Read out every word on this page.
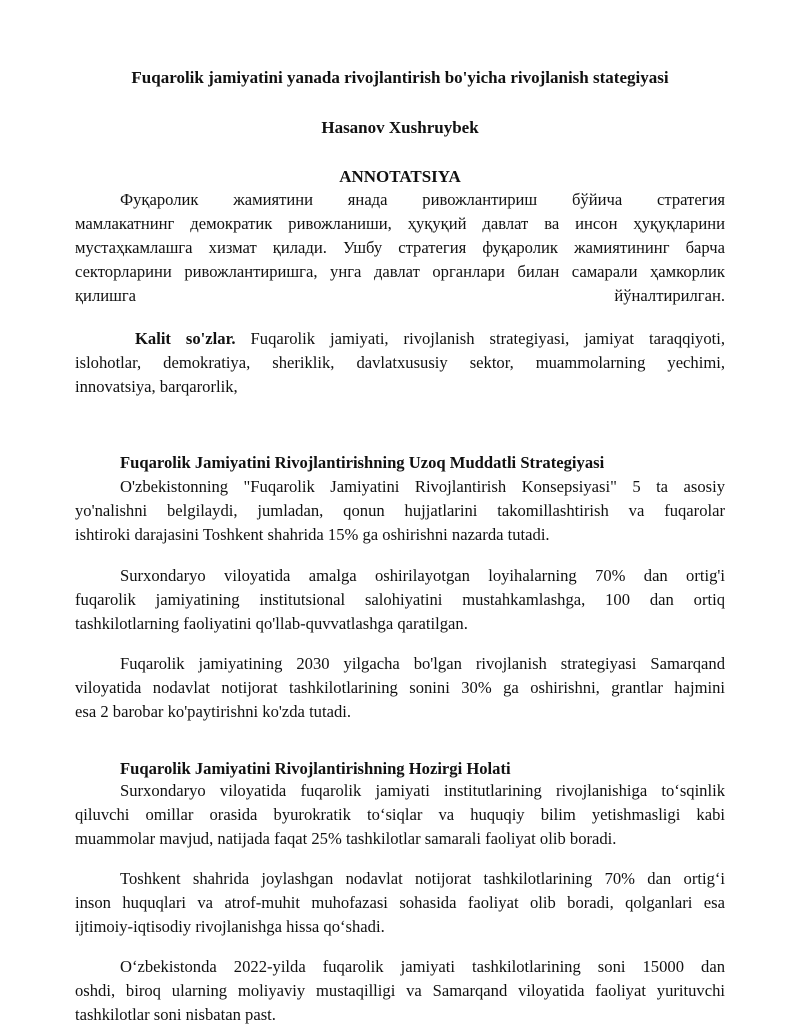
Fuqarolik jamiyatini yanada rivojlantirish bo'yicha rivojlanish stategiyasi
Hasanov Xushruybek
ANNOTATSIYA
Фуқаролик жамиятини янада ривожлантириш бўйича стратегия
мамлакатнинг демократик ривожланиши, ҳуқуқий давлат ва инсон ҳуқуқларини
мустаҳкамлашга хизмат қилади. Ушбу стратегия фуқаролик жамиятининг барча
секторларини ривожлантиришга, унга давлат органлари билан самарали ҳамкорлик
қилишга йўналтирилган.
Kalit so'zlar. Fuqarolik jamiyati, rivojlanish strategiyasi, jamiyat taraqqiyoti,
islohotlar, demokratiya, sheriklik, davlatxususiy sektor, muammolarning yechimi,
innovatsiya, barqarorlik,
Fuqarolik Jamiyatini Rivojlantirishning Uzoq Muddatli Strategiyasi
O'zbekistonning "Fuqarolik Jamiyatini Rivojlantirish Konsepsiyasi" 5 ta asosiy
yo'nalishni belgilaydi, jumladan, qonun hujjatlarini takomillashtirish va fuqarolar
ishtiroki darajasini Toshkent shahrida 15% ga oshirishni nazarda tutadi.
Surxondaryo viloyatida amalga oshirilayotgan loyihalarning 70% dan ortig'i
fuqarolik jamiyatining institutsional salohiyatini mustahkamlashga, 100 dan ortiq
tashkilotlarning faoliyatini qo'llab-quvvatlashga qaratilgan.
Fuqarolik jamiyatining 2030 yilgacha bo'lgan rivojlanish strategiyasi Samarqand
viloyatida nodavlat notijorat tashkilotlarining sonini 30% ga oshirishni, grantlar hajmini
esa 2 barobar ko'paytirishni ko'zda tutadi.
Fuqarolik Jamiyatini Rivojlantirishning Hozirgi Holati
Surxondaryo viloyatida fuqarolik jamiyati institutlarining rivojlanishiga to‘sqinlik
qiluvchi omillar orasida byurokratik to‘siqlar va huquqiy bilim yetishmasligi kabi
muammolar mavjud, natijada faqat 25% tashkilotlar samarali faoliyat olib boradi.
Toshkent shahrida joylashgan nodavlat notijorat tashkilotlarining 70% dan ortig‘i
inson huquqlari va atrof-muhit muhofazasi sohasida faoliyat olib boradi, qolganlari esa
ijtimoiy-iqtisodiy rivojlanishga hissa qo‘shadi.
O‘zbekistonda 2022-yilda fuqarolik jamiyati tashkilotlarining soni 15000 dan
oshdi, biroq ularning moliyaviy mustaqilligi va Samarqand viloyatida faoliyat yurituvchi
tashkilotlar soni nisbatan past.
